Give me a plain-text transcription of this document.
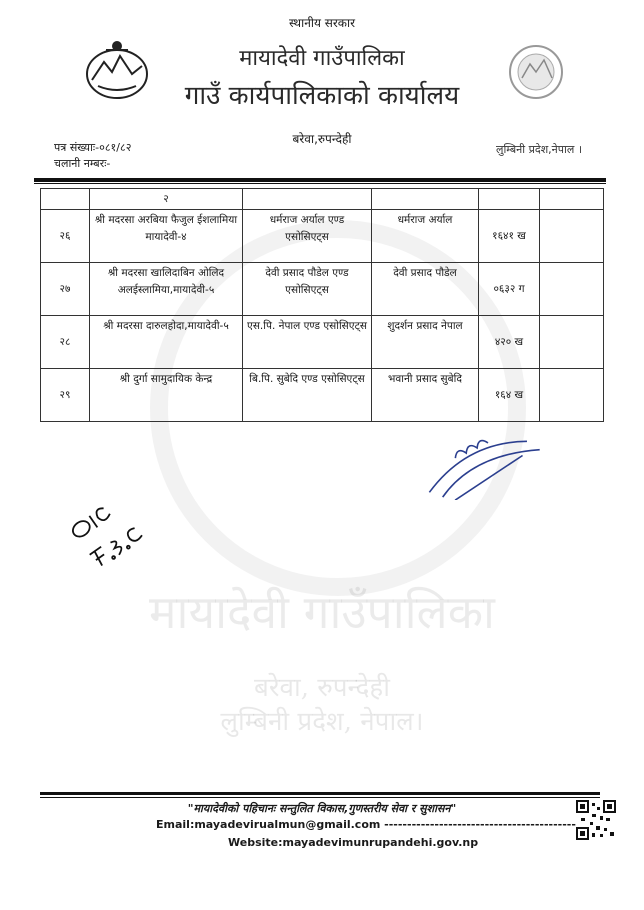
मायादेवी गाउँपालिका
बरेवा, रुपन्देही
लुम्बिनी प्रदेश, नेपाल।
स्थानीय सरकार
मायादेवी गाउँपालिका
गाउँ कार्यपालिकाको कार्यालय
बरेवा,रुपन्देही
पत्र संख्याः-०८१/८२
चलानी नम्बरः-
लुम्बिनी प्रदेश,नेपाल ।
	२				
२६	श्री मदरसा अरबिया फैजुल ईशलामिया मायादेवी-४	धर्मराज अर्याल एण्ड एसोसिएट्स	धर्मराज अर्याल	१६४१ ख	
२७	श्री मदरसा खालिदाबिन ओलिद अलईस्लामिया,मायादेवी-५	देवी प्रसाद पौडेल एण्ड एसोसिएट्स	देवी प्रसाद पौडेल	०६३२ ग	
२८	श्री मदरसा दारुलहोदा,मायादेवी-५	एस.पि. नेपाल एण्ड एसोसिएट्स	शुदर्शन प्रसाद नेपाल	४२० ख	
२९	श्री दुर्गा सामुदायिक केन्द्र	बि.पि. सुबेदि एण्ड एसोसिएट्स	भवानी प्रसाद सुबेदि	१६४ ख	
"मायादेवीको पहिचानः सन्तुलित विकास,गुणस्तरीय सेवा र सुशासन"
Email:mayadevirualmun@gmail.com ------------------------------------------
Website:mayadevimunrupandehi.gov.np
